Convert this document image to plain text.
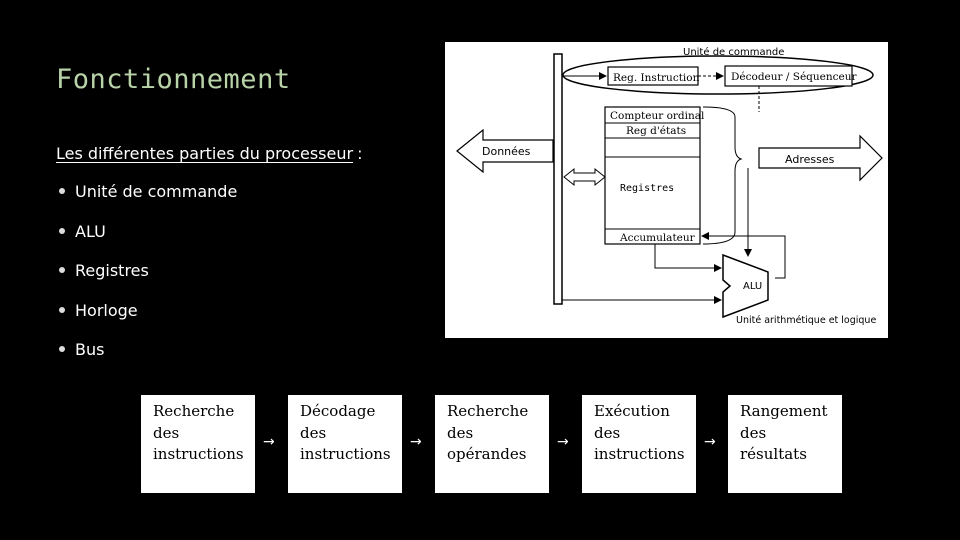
Fonctionnement
Les différentes parties du processeur :
Unité de commande
ALU
Registres
Horloge
Bus
Unité de commande
Reg. Instruction	Décodeur / Séquenceur
Compteur ordinal
Reg d'états
Registres
Accumulateur
Données
Adresses
ALU
Unité arithmétique et logique
Recherche
des
instructions
→
Décodage
des
instructions
→
Recherche
des
opérandes
→
Exécution
des
instructions
→
Rangement
des
résultats
